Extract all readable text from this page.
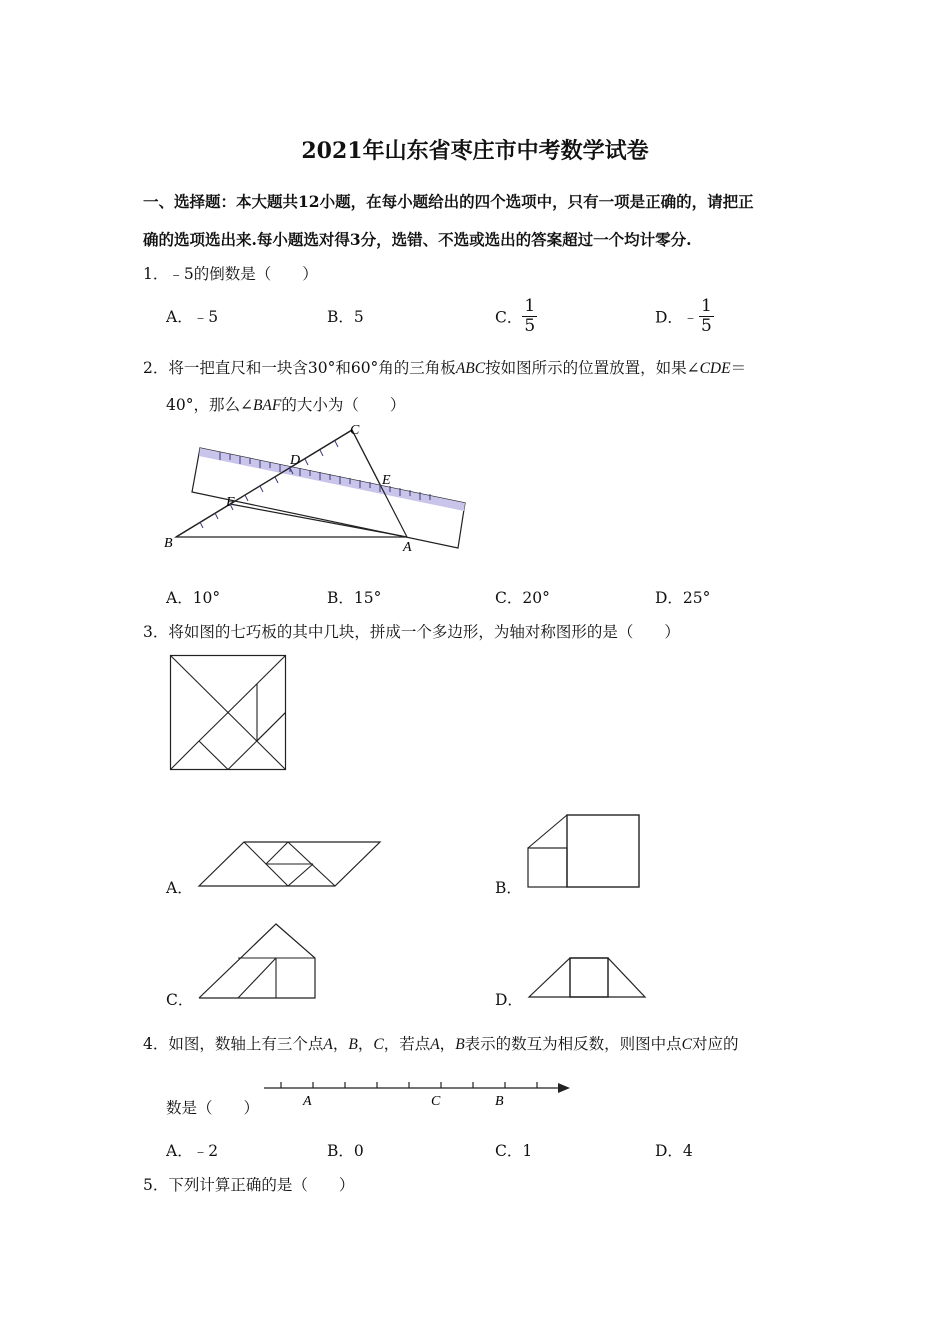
2021年山东省枣庄市中考数学试卷
一、选择题：本大题共12小题，在每小题给出的四个选项中，只有一项是正确的，请把正
确的选项选出来.每小题选对得3分，选错、不选或选出的答案超过一个均计零分.
1．﹣5的倒数是（　　）
A．﹣5	B．5	C． $\frac{1}{5}$	D．﹣ $\frac{1}{5}$
2．将一把直尺和一块含30°和60°角的三角板ABC按如图所示的位置放置，如果∠CDE＝
40°，那么∠BAF的大小为（　　）
C
D
E
F
B	A
A．10°	B．15°	C．20°	D．25°
3．将如图的七巧板的其中几块，拼成一个多边形，为轴对称图形的是（　　）
A．	B．
C．	D．
4．如图，数轴上有三个点A，B，C，若点A，B表示的数互为相反数，则图中点C对应的
数是（　　）	A	C	B
A．﹣2	B．0	C．1	D．4
5．下列计算正确的是（　　）
